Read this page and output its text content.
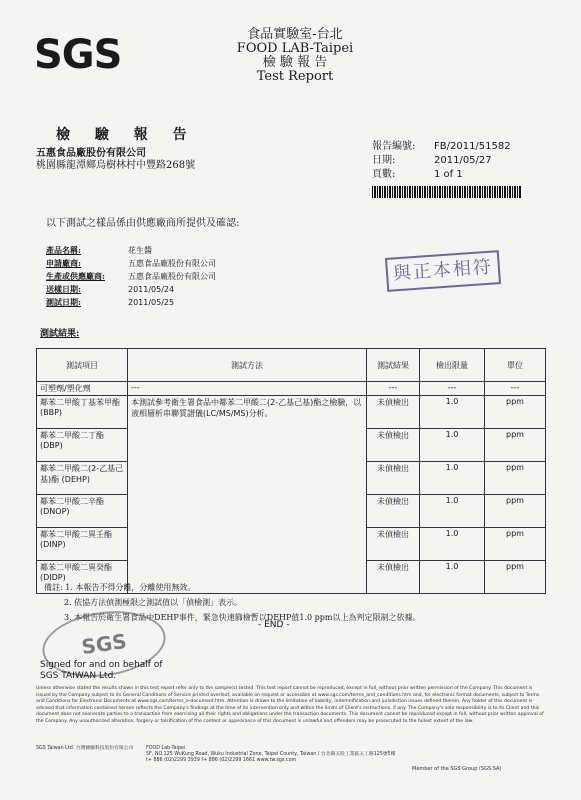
SGS	食品實驗室-台北
FOOD LAB-Taipei
檢 驗 報 告
Test Report
檢 驗 報 告
五惠食品廠股份有限公司
桃園縣龍潭鄉烏樹林村中豐路268號
報告編號:	FB/2011/51582
日期:	2011/05/27
頁數:	1 of 1
以下測試之樣品係由供應廠商所提供及確認:
產品名稱:	花生醬
申請廠商:	五惠食品廠股份有限公司
生產或供應廠商:	五惠食品廠股份有限公司
送樣日期:	2011/05/24
測試日期:	2011/05/25
與正本相符
測試結果:
測試項目	測試方法	測試結果	檢出限量	單位
可塑劑/塑化劑	---	---	---	---
鄰苯二甲酸丁基苯甲酯 (BBP)	本測試參考衛生署食品中鄰苯二甲酸二(2-乙基己基)酯之檢驗，以液相層析串聯質譜儀(LC/MS/MS)分析。	未偵檢出	1.0	ppm
鄰苯二甲酸二丁酯 (DBP)		未偵檢出	1.0	ppm
鄰苯二甲酸二(2-乙基己基)酯 (DEHP)		未偵檢出	1.0	ppm
鄰苯二甲酸二辛酯 (DNOP)		未偵檢出	1.0	ppm
鄰苯二甲酸二異壬酯 (DINP)		未偵檢出	1.0	ppm
鄰苯二甲酸二異癸酯 (DIDP)		未偵檢出	1.0	ppm
備註: 1. 本報告不得分離，分離使用無效。
2. 依協方法偵測極限之測試值以「偵檢測」表示。
3. 本報告於衛生署食品中DEHP事件，緊急快速篩檢暫以DEHP值1.0 ppm以上為判定限制之依據。
- END -
SGS
Signed for and on behalf of
SGS TAIWAN Ltd.
Unless otherwise stated the results shown in this test report refer only to the sample(s) tested. This test report cannot be reproduced, except in full, without prior written permission of the Company. This document is issued by the Company subject to its General Conditions of Service printed overleaf, available on request or accessible at www.sgs.com/terms_and_conditions.htm and, for electronic format documents, subject to Terms and Conditions for Electronic Documents at www.sgs.com/terms_e-document.htm. Attention is drawn to the limitation of liability, indemnification and jurisdiction issues defined therein. Any holder of this document is advised that information contained hereon reflects the Company's findings at the time of its intervention only and within the limits of Client's instructions, if any. The Company's sole responsibility is to its Client and this document does not exonerate parties to a transaction from exercising all their rights and obligations under the transaction documents. This document cannot be reproduced except in full, without prior written approval of the Company. Any unauthorized alteration, forgery or falsification of the content or appearance of this document is unlawful and offenders may be prosecuted to the fullest extent of the law.
SGS Taiwan Ltd. 台灣檢驗科技股份有限公司	FOOD Lab-Taipei
5F, NO.125 WuKung Road, Wuku Industrial Zone, Taipei County, Taiwan / 台北縣五股工業區五工路125號5樓
t+ 886 (02)2299 3939 f+ 886 (02)2299 1661 www.tw.sgs.com
Member of the SGS Group (SGS SA)
